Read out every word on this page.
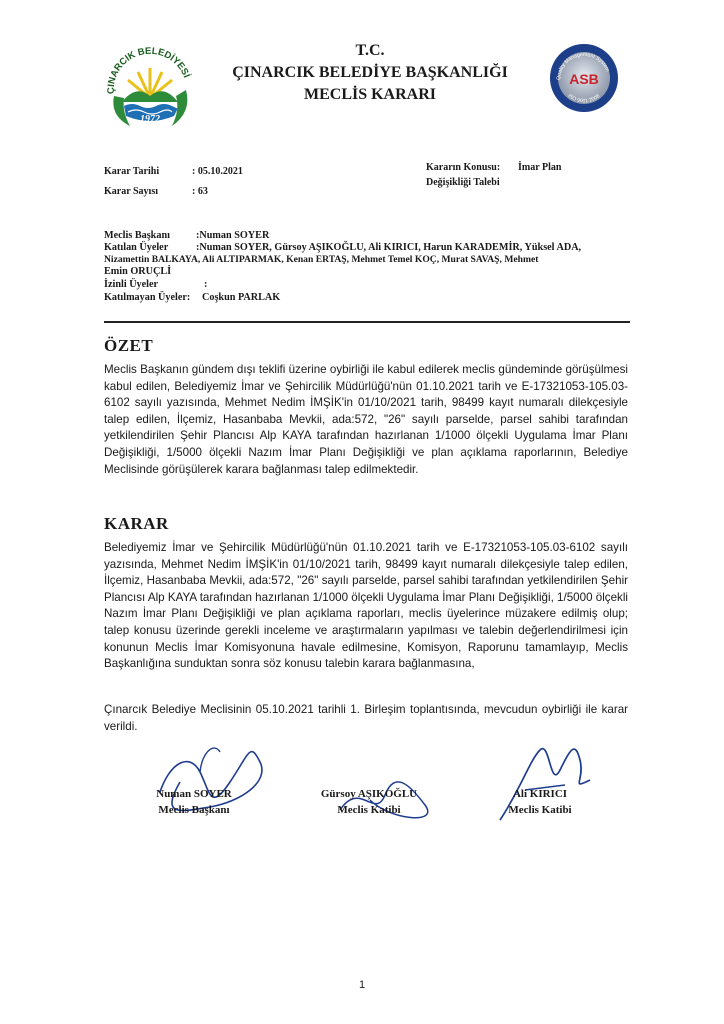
ÇINARCIK BELEDİYESİ
1972
Quality Management System
ASB
ISO 9001:2008
T.C.
ÇINARCIK BELEDİYE BAŞKANLIĞI
MECLİS KARARI
Karar Tarihi	: 05.10.2021
Karar Sayısı	: 63
Kararın Konusu: İmar Plan
Değişikliği Talebi
Meclis Başkanı	:Numan SOYER
Katılan Üyeler	:Numan SOYER, Gürsoy AŞIKOĞLU, Ali KIRICI, Harun KARADEMİR, Yüksel ADA,
Nizamettin BALKAYA, Ali ALTIPARMAK, Kenan ERTAŞ, Mehmet Temel KOÇ, Murat SAVAŞ, Mehmet
Emin ORUÇLİ
İzinli Üyeler	:
Katılmayan Üyeler: Coşkun PARLAK
ÖZET
Meclis Başkanın gündem dışı teklifi üzerine oybirliği ile kabul edilerek meclis gündeminde görüşülmesi kabul edilen, Belediyemiz İmar ve Şehircilik Müdürlüğü'nün 01.10.2021 tarih ve E-17321053-105.03-6102 sayılı yazısında, Mehmet Nedim İMŞİK'in 01/10/2021 tarih, 98499 kayıt numaralı dilekçesiyle talep edilen, İlçemiz, Hasanbaba Mevkii, ada:572, "26" sayılı parselde, parsel sahibi tarafından yetkilendirilen Şehir Plancısı Alp KAYA tarafından hazırlanan 1/1000 ölçekli Uygulama İmar Planı Değişikliği, 1/5000 ölçekli Nazım İmar Planı Değişikliği ve plan açıklama raporlarının, Belediye Meclisinde görüşülerek karara bağlanması talep edilmektedir.
KARAR
Belediyemiz İmar ve Şehircilik Müdürlüğü'nün 01.10.2021 tarih ve E-17321053-105.03-6102 sayılı yazısında, Mehmet Nedim İMŞİK'in 01/10/2021 tarih, 98499 kayıt numaralı dilekçesiyle talep edilen, İlçemiz, Hasanbaba Mevkii, ada:572, "26" sayılı parselde, parsel sahibi tarafından yetkilendirilen Şehir Plancısı Alp KAYA tarafından hazırlanan 1/1000 ölçekli Uygulama İmar Planı Değişikliği, 1/5000 ölçekli Nazım İmar Planı Değişikliği ve plan açıklama raporları, meclis üyelerince müzakere edilmiş olup; talep konusu üzerinde gerekli inceleme ve araştırmaların yapılması ve talebin değerlendirilmesi için konunun Meclis İmar Komisyonuna havale edilmesine, Komisyon, Raporunu tamamlayıp, Meclis Başkanlığına sunduktan sonra söz konusu talebin karara bağlanmasına,
Çınarcık Belediye Meclisinin 05.10.2021 tarihli 1. Birleşim toplantısında, mevcudun oybirliği ile karar verildi.
Numan SOYER
Meclis Başkanı
Gürsoy AŞIKOĞLU
Meclis Katibi
Ali KIRICI
Meclis Katibi
1
